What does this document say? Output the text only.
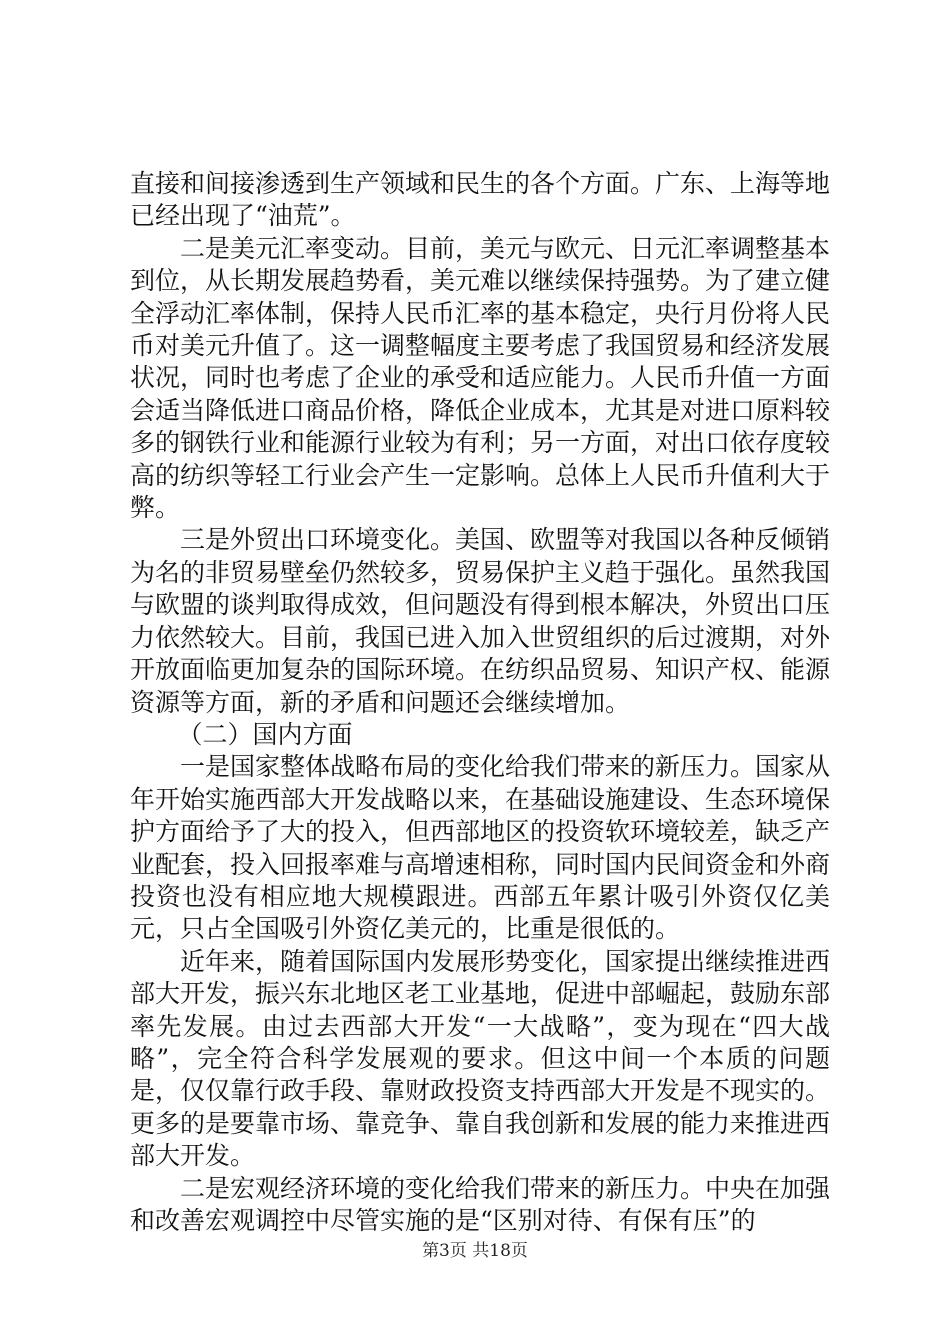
直接和间接渗透到生产领域和民生的各个方面。广东、上海等地已经出现了“油荒”。

二是美元汇率变动。目前，美元与欧元、日元汇率调整基本到位，从长期发展趋势看，美元难以继续保持强势。为了建立健全浮动汇率体制，保持人民币汇率的基本稳定，央行月份将人民币对美元升值了。这一调整幅度主要考虑了我国贸易和经济发展状况，同时也考虑了企业的承受和适应能力。人民币升值一方面会适当降低进口商品价格，降低企业成本，尤其是对进口原料较多的钢铁行业和能源行业较为有利；另一方面，对出口依存度较高的纺织等轻工行业会产生一定影响。总体上人民币升值利大于弊。

三是外贸出口环境变化。美国、欧盟等对我国以各种反倾销为名的非贸易壁垒仍然较多，贸易保护主义趋于强化。虽然我国与欧盟的谈判取得成效，但问题没有得到根本解决，外贸出口压力依然较大。目前，我国已进入加入世贸组织的后过渡期，对外开放面临更加复杂的国际环境。在纺织品贸易、知识产权、能源资源等方面，新的矛盾和问题还会继续增加。

（二）国内方面

一是国家整体战略布局的变化给我们带来的新压力。国家从年开始实施西部大开发战略以来，在基础设施建设、生态环境保护方面给予了大的投入，但西部地区的投资软环境较差，缺乏产业配套，投入回报率难与高增速相称，同时国内民间资金和外商投资也没有相应地大规模跟进。西部五年累计吸引外资仅亿美元，只占全国吸引外资亿美元的，比重是很低的。

近年来，随着国际国内发展形势变化，国家提出继续推进西部大开发，振兴东北地区老工业基地，促进中部崛起，鼓励东部率先发展。由过去西部大开发“一大战略”，变为现在“四大战略”，完全符合科学发展观的要求。但这中间一个本质的问题是，仅仅靠行政手段、靠财政投资支持西部大开发是不现实的。更多的是要靠市场、靠竞争、靠自我创新和发展的能力来推进西部大开发。

二是宏观经济环境的变化给我们带来的新压力。中央在加强和改善宏观调控中尽管实施的是“区别对待、有保有压”的

第3页 共18页
